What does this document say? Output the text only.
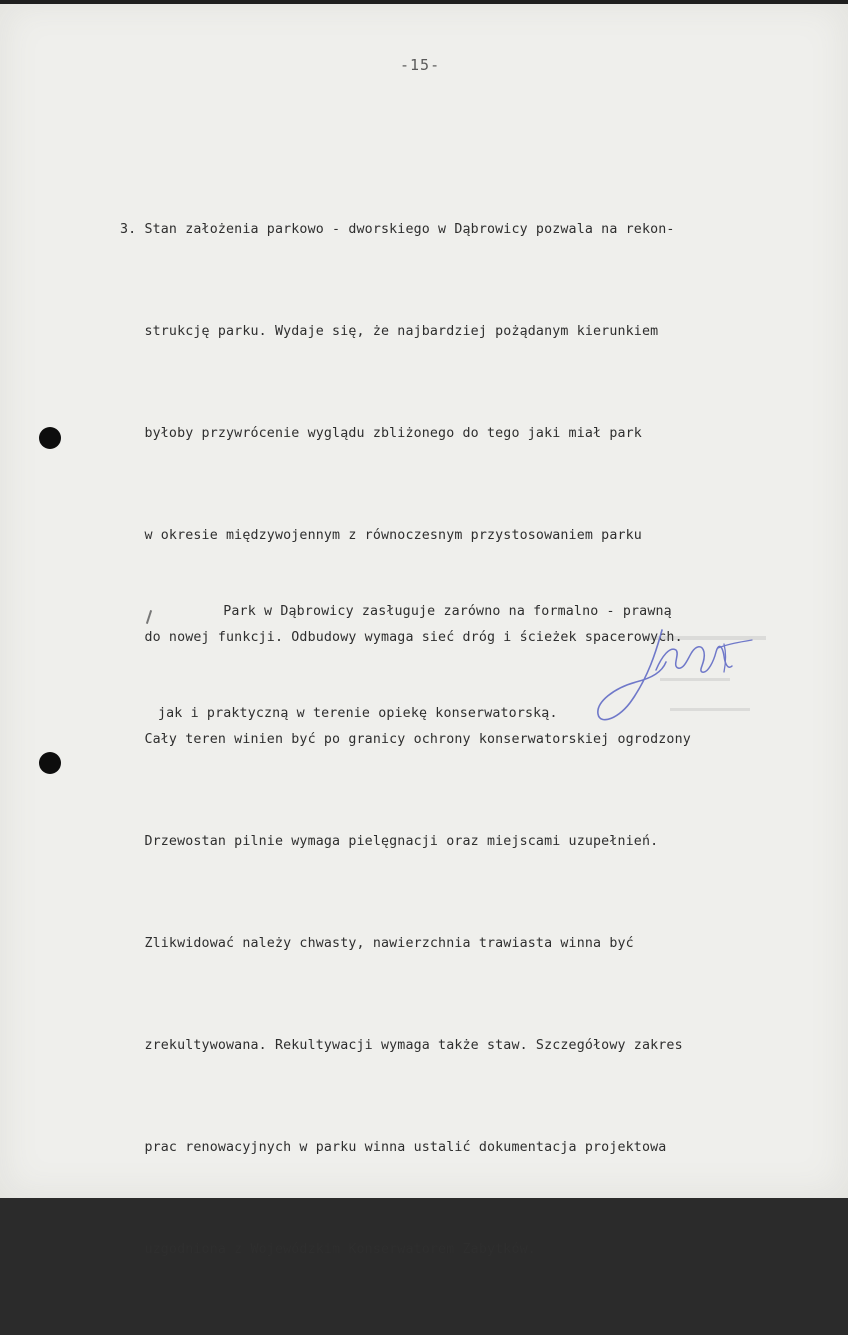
-15-

3. Stan założenia parkowo - dworskiego w Dąbrowicy pozwala na rekon-

strukcję parku. Wydaje się, że najbardziej pożądanym kierunkiem

byłoby przywrócenie wyglądu zbliżonego do tego jaki miał park

w okresie międzywojennym z równoczesnym przystosowaniem parku

do nowej funkcji. Odbudowy wymaga sieć dróg i ścieżek spacerowych.

Cały teren winien być po granicy ochrony konserwatorskiej ogrodzony

Drzewostan pilnie wymaga pielęgnacji oraz miejscami uzupełnień.

Zlikwidować należy chwasty, nawierzchnia trawiasta winna być

zrekultywowana. Rekultywacji wymaga także staw. Szczegółowy zakres

prac renowacyjnych w parku winna ustalić dokumentacja projektowa

uzgodniona z Wojewódzkim Konserwatorem Zabytków.

Park w Dąbrowicy zasługuje zarówno na formalno - prawną

jak i praktyczną w terenie opiekę konserwatorską.
